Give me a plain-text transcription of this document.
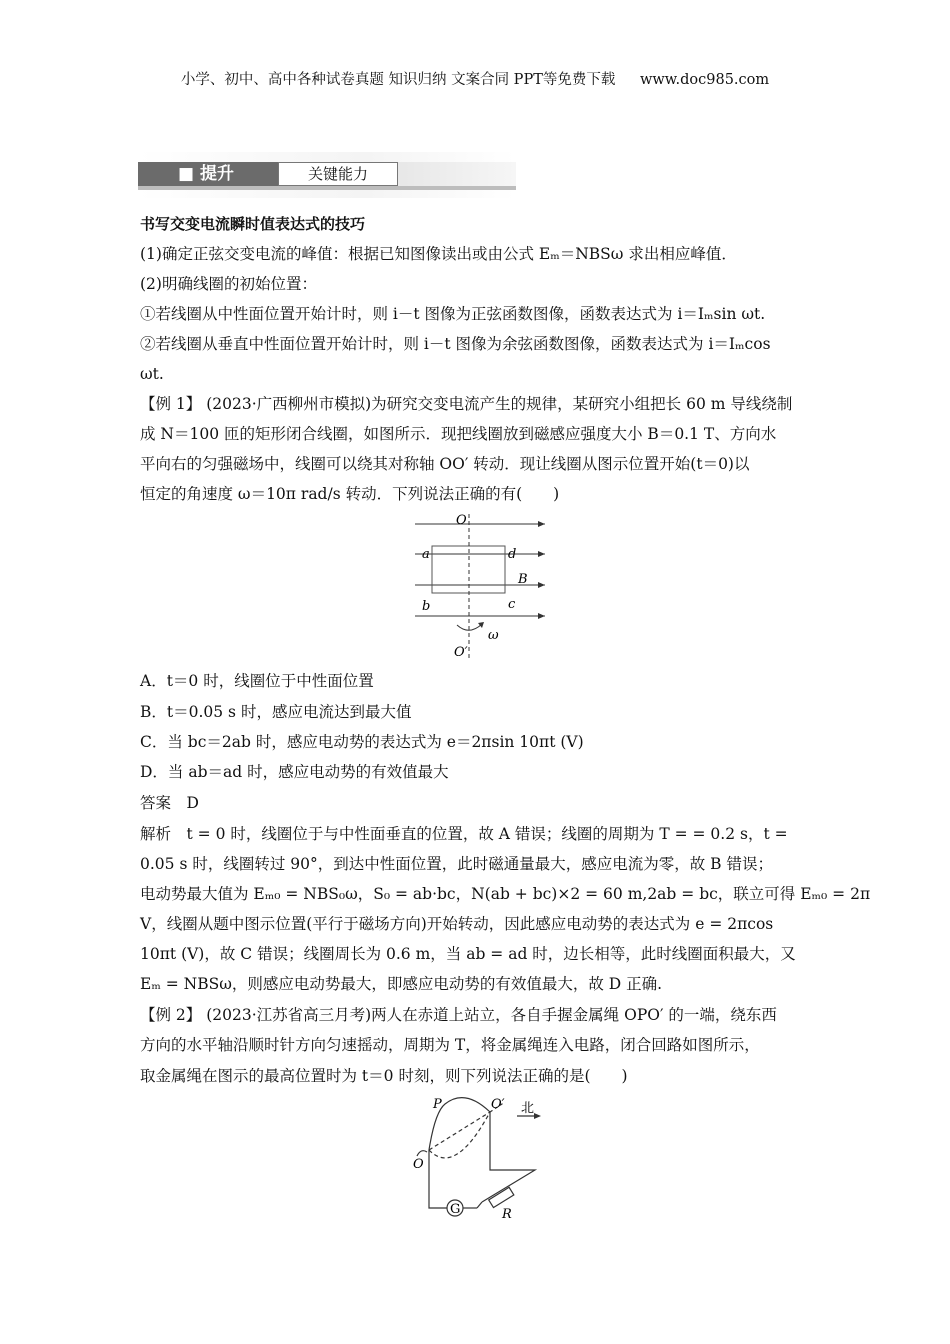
小学、初中、高中各种试卷真题 知识归纳 文案合同 PPT等免费下载 www.doc985.com
■ 提升	关键能力
书写交变电流瞬时值表达式的技巧
(1)确定正弦交变电流的峰值：根据已知图像读出或由公式 Eₘ＝NBSω 求出相应峰值．
(2)明确线圈的初始位置：
①若线圈从中性面位置开始计时，则 i－t 图像为正弦函数图像，函数表达式为 i＝Iₘsin ωt.
②若线圈从垂直中性面位置开始计时，则 i－t 图像为余弦函数图像，函数表达式为 i＝Iₘcos
ωt.
【例 1】 (2023·广西柳州市模拟)为研究交变电流产生的规律，某研究小组把长 60 m 导线绕制
成 N＝100 匝的矩形闭合线圈，如图所示．现把线圈放到磁感应强度大小 B＝0.1 T、方向水
平向右的匀强磁场中，线圈可以绕其对称轴 OO′ 转动．现让线圈从图示位置开始(t＝0)以
恒定的角速度 ω＝10π rad/s 转动．下列说法正确的有(　　)
O
a	d
B
b	c
ω
O′
A．t＝0 时，线圈位于中性面位置
B．t＝0.05 s 时，感应电流达到最大值
C．当 bc＝2ab 时，感应电动势的表达式为 e＝2πsin 10πt (V)
D．当 ab＝ad 时，感应电动势的有效值最大
答案　D
解析　t = 0 时，线圈位于与中性面垂直的位置，故 A 错误；线圈的周期为 T = = 0.2 s，t =
0.05 s 时，线圈转过 90°，到达中性面位置，此时磁通量最大，感应电流为零，故 B 错误；
电动势最大值为 Eₘ₀ = NBS₀ω，S₀ = ab·bc，N(ab + bc)×2 = 60 m,2ab = bc，联立可得 Eₘ₀ = 2π
V，线圈从题中图示位置(平行于磁场方向)开始转动，因此感应电动势的表达式为 e = 2πcos
10πt (V)，故 C 错误；线圈周长为 0.6 m，当 ab = ad 时，边长相等，此时线圈面积最大，又
Eₘ = NBSω，则感应电动势最大，即感应电动势的有效值最大，故 D 正确.
【例 2】 (2023·江苏省高三月考)两人在赤道上站立，各自手握金属绳 OPO′ 的一端，绕东西
方向的水平轴沿顺时针方向匀速摇动，周期为 T，将金属绳连入电路，闭合回路如图所示，
取金属绳在图示的最高位置时为 t＝0 时刻，则下列说法正确的是(　　)
P	O′
O
北
G	R
